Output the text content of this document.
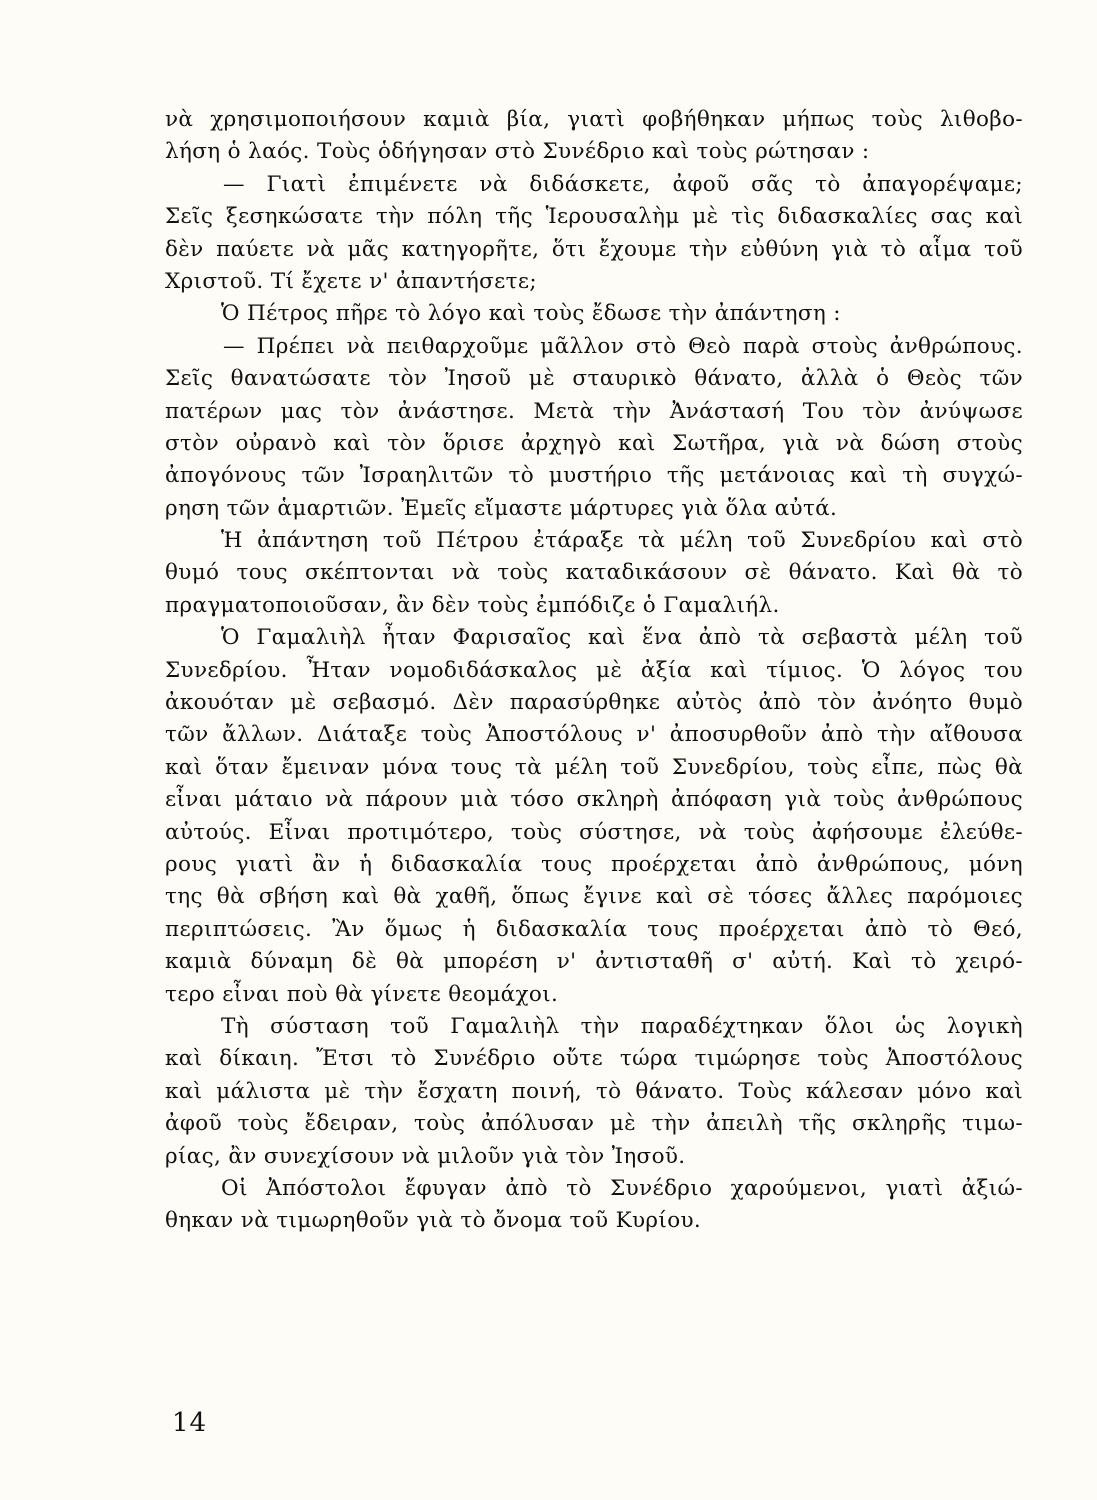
νὰ χρησιμοποιήσουν καμιὰ βία, γιατὶ φοβήθηκαν μήπως τοὺς λιθοβο-
λήση ὁ λαός. Τοὺς ὁδήγησαν στὸ Συνέδριο καὶ τοὺς ρώτησαν :
— Γιατὶ ἐπιμένετε νὰ διδάσκετε, ἀφοῦ σᾶς τὸ ἀπαγορέψαμε;
Σεῖς ξεσηκώσατε τὴν πόλη τῆς Ἱερουσαλὴμ μὲ τὶς διδασκαλίες σας καὶ
δὲν παύετε νὰ μᾶς κατηγορῆτε, ὅτι ἔχουμε τὴν εὐθύνη γιὰ τὸ αἷμα τοῦ
Χριστοῦ. Τί ἔχετε ν' ἀπαντήσετε;
Ὁ Πέτρος πῆρε τὸ λόγο καὶ τοὺς ἔδωσε τὴν ἀπάντηση :
— Πρέπει νὰ πειθαρχοῦμε μᾶλλον στὸ Θεὸ παρὰ στοὺς ἀνθρώπους.
Σεῖς θανατώσατε τὸν Ἰησοῦ μὲ σταυρικὸ θάνατο, ἀλλὰ ὁ Θεὸς τῶν
πατέρων μας τὸν ἀνάστησε. Μετὰ τὴν Ἀνάστασή Του τὸν ἀνύψωσε
στὸν οὐρανὸ καὶ τὸν ὅρισε ἀρχηγὸ καὶ Σωτῆρα, γιὰ νὰ δώση στοὺς
ἀπογόνους τῶν Ἰσραηλιτῶν τὸ μυστήριο τῆς μετάνοιας καὶ τὴ συγχώ-
ρηση τῶν ἁμαρτιῶν. Ἐμεῖς εἴμαστε μάρτυρες γιὰ ὅλα αὐτά.
Ἡ ἀπάντηση τοῦ Πέτρου ἐτάραξε τὰ μέλη τοῦ Συνεδρίου καὶ στὸ
θυμό τους σκέπτονται νὰ τοὺς καταδικάσουν σὲ θάνατο. Καὶ θὰ τὸ
πραγματοποιοῦσαν, ἂν δὲν τοὺς ἐμπόδιζε ὁ Γαμαλιήλ.
Ὁ Γαμαλιὴλ ἦταν Φαρισαῖος καὶ ἕνα ἀπὸ τὰ σεβαστὰ μέλη τοῦ
Συνεδρίου. Ἦταν νομοδιδάσκαλος μὲ ἀξία καὶ τίμιος. Ὁ λόγος του
ἀκουόταν μὲ σεβασμό. Δὲν παρασύρθηκε αὐτὸς ἀπὸ τὸν ἀνόητο θυμὸ
τῶν ἄλλων. Διάταξε τοὺς Ἀποστόλους ν' ἀποσυρθοῦν ἀπὸ τὴν αἴθουσα
καὶ ὅταν ἔμειναν μόνα τους τὰ μέλη τοῦ Συνεδρίου, τοὺς εἶπε, πὼς θὰ
εἶναι μάταιο νὰ πάρουν μιὰ τόσο σκληρὴ ἀπόφαση γιὰ τοὺς ἀνθρώπους
αὐτούς. Εἶναι προτιμότερο, τοὺς σύστησε, νὰ τοὺς ἀφήσουμε ἐλεύθε-
ρους γιατὶ ἂν ἡ διδασκαλία τους προέρχεται ἀπὸ ἀνθρώπους, μόνη
της θὰ σβήση καὶ θὰ χαθῆ, ὅπως ἔγινε καὶ σὲ τόσες ἄλλες παρόμοιες
περιπτώσεις. Ἂν ὅμως ἡ διδασκαλία τους προέρχεται ἀπὸ τὸ Θεό,
καμιὰ δύναμη δὲ θὰ μπορέση ν' ἀντισταθῆ σ' αὐτή. Καὶ τὸ χειρό-
τερο εἶναι ποὺ θὰ γίνετε θεομάχοι.
Τὴ σύσταση τοῦ Γαμαλιὴλ τὴν παραδέχτηκαν ὅλοι ὡς λογικὴ
καὶ δίκαιη. Ἔτσι τὸ Συνέδριο οὔτε τώρα τιμώρησε τοὺς Ἀποστόλους
καὶ μάλιστα μὲ τὴν ἔσχατη ποινή, τὸ θάνατο. Τοὺς κάλεσαν μόνο καὶ
ἀφοῦ τοὺς ἔδειραν, τοὺς ἀπόλυσαν μὲ τὴν ἀπειλὴ τῆς σκληρῆς τιμω-
ρίας, ἂν συνεχίσουν νὰ μιλοῦν γιὰ τὸν Ἰησοῦ.
Οἱ Ἀπόστολοι ἔφυγαν ἀπὸ τὸ Συνέδριο χαρούμενοι, γιατὶ ἀξιώ-
θηκαν νὰ τιμωρηθοῦν γιὰ τὸ ὄνομα τοῦ Κυρίου.
14
